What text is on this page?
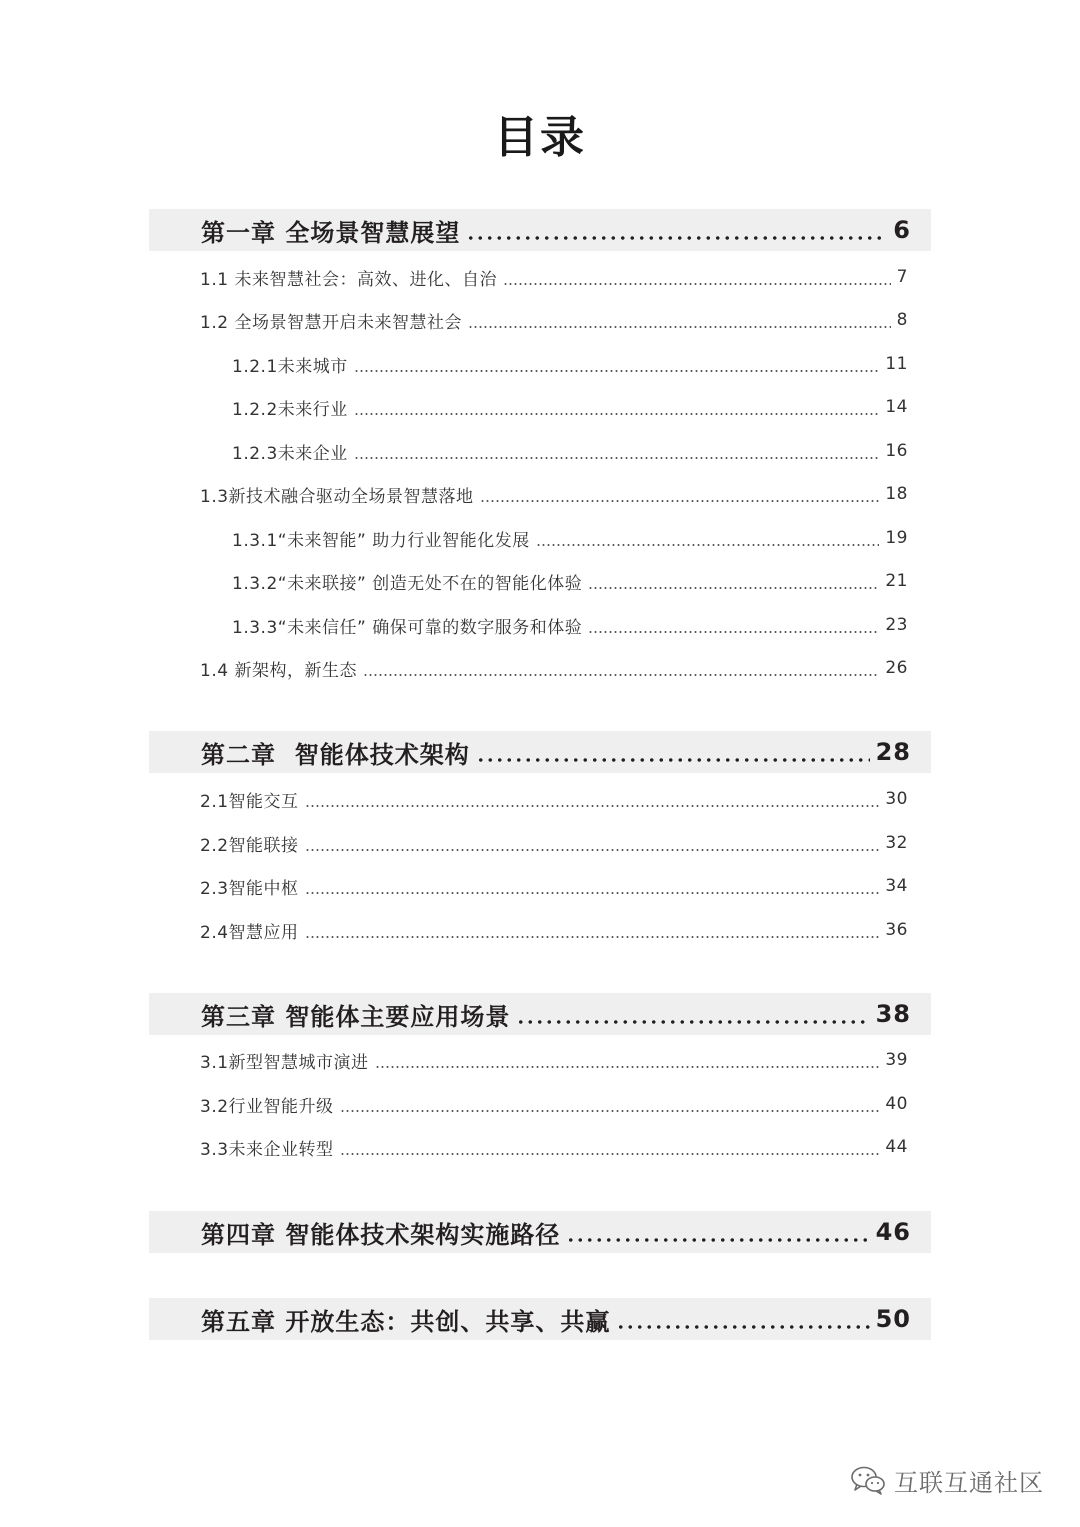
目录
第一章 全场景智慧展望	6
1.1 未来智慧社会：高效、进化、自治	7
1.2 全场景智慧开启未来智慧社会	8
1.2.1未来城市	11
1.2.2未来行业	14
1.2.3未来企业	16
1.3新技术融合驱动全场景智慧落地	18
1.3.1“未来智能” 助力行业智能化发展	19
1.3.2“未来联接” 创造无处不在的智能化体验	21
1.3.3“未来信任” 确保可靠的数字服务和体验	23
1.4 新架构，新生态	26
第二章  智能体技术架构	28
2.1智能交互	30
2.2智能联接	32
2.3智能中枢	34
2.4智慧应用	36
第三章 智能体主要应用场景	38
3.1新型智慧城市演进	39
3.2行业智能升级	40
3.3未来企业转型	44
第四章 智能体技术架构实施路径	46
第五章 开放生态：共创、共享、共赢	50
互联互通社区
